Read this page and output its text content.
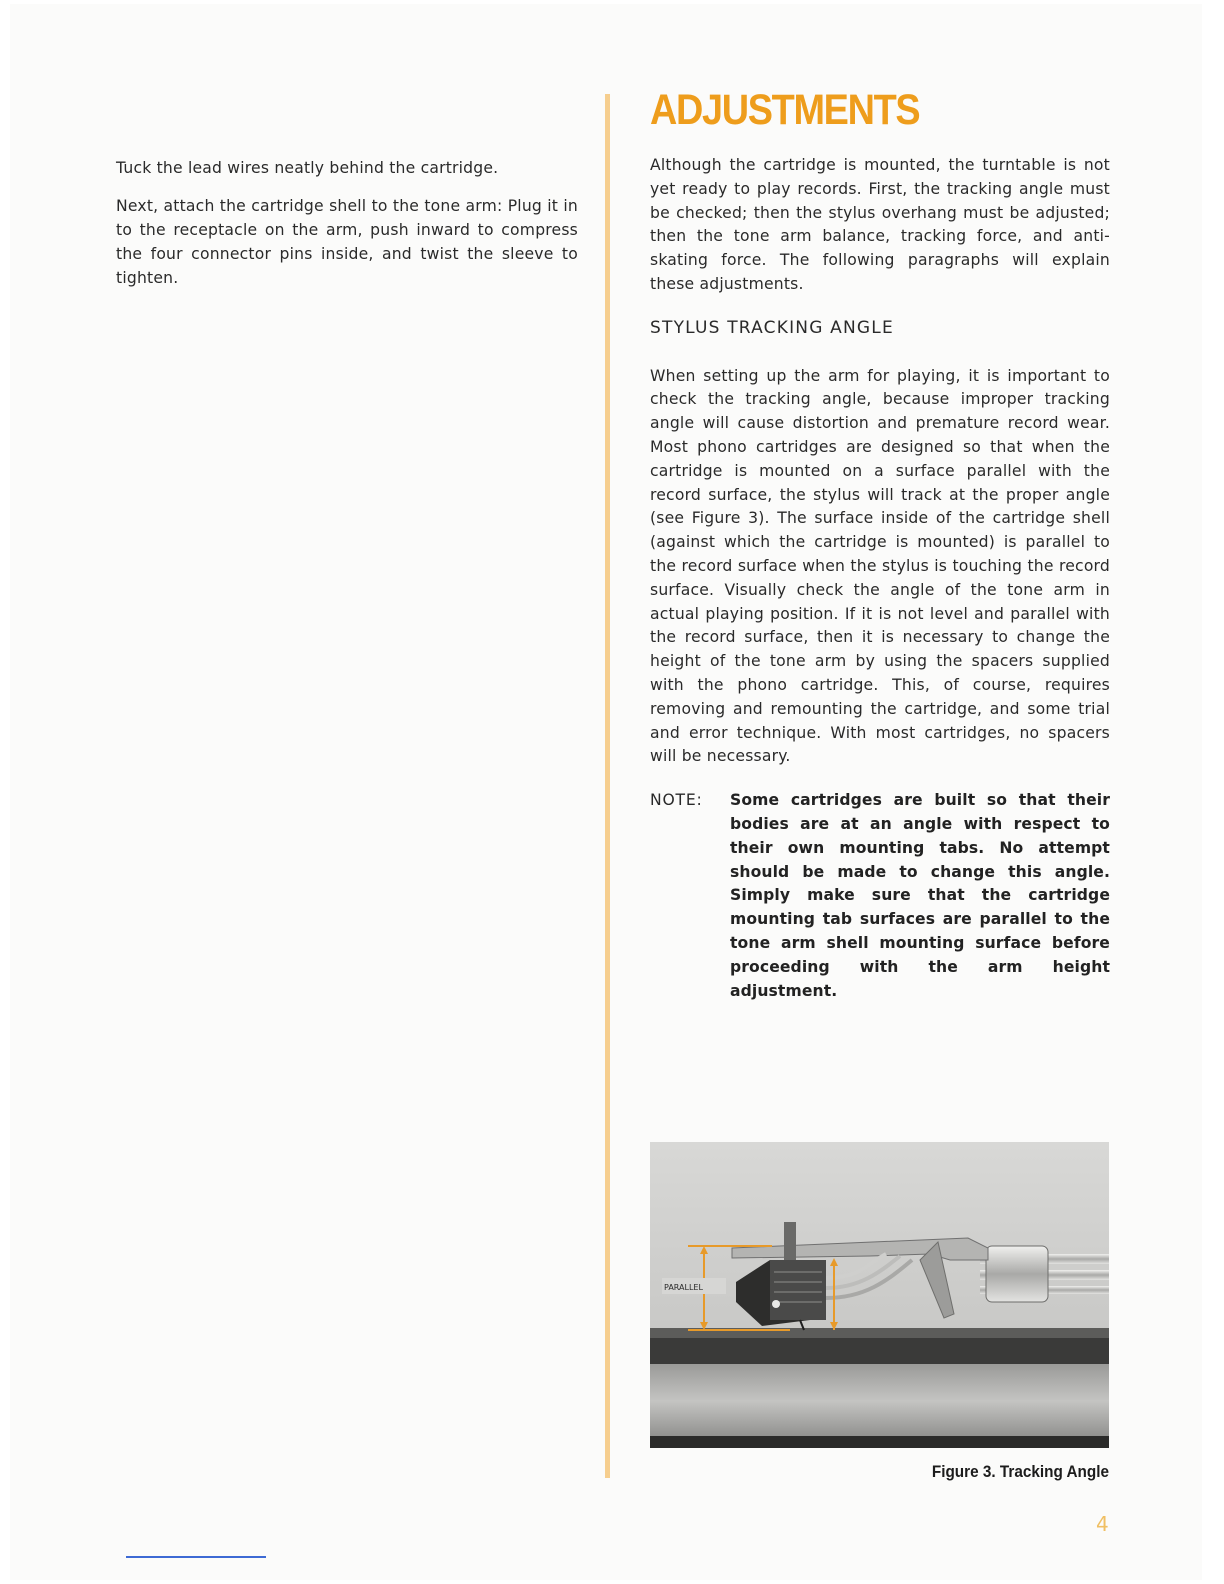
Tuck the lead wires neatly behind the cartridge.

Next, attach the cartridge shell to the tone arm: Plug it in to the receptacle on the arm, push inward to compress the four connector pins inside, and twist the sleeve to tighten.

ADJUSTMENTS

Although the cartridge is mounted, the turntable is not yet ready to play records. First, the tracking angle must be checked; then the stylus overhang must be adjusted; then the tone arm balance, tracking force, and anti-skating force. The following paragraphs will explain these adjustments.

STYLUS TRACKING ANGLE

When setting up the arm for playing, it is important to check the tracking angle, because improper tracking angle will cause distortion and premature record wear. Most phono cartridges are designed so that when the cartridge is mounted on a surface parallel with the record surface, the stylus will track at the proper angle (see Figure 3). The surface inside of the cartridge shell (against which the cartridge is mounted) is parallel to the record surface when the stylus is touching the record surface. Visually check the angle of the tone arm in actual playing position. If it is not level and parallel with the record surface, then it is necessary to change the height of the tone arm by using the spacers supplied with the phono cartridge. This, of course, requires removing and remounting the cartridge, and some trial and error technique. With most cartridges, no spacers will be necessary.

NOTE:	Some cartridges are built so that their bodies are at an angle with respect to their own mounting tabs. No attempt should be made to change this angle. Simply make sure that the cartridge mounting tab surfaces are parallel to the tone arm shell mounting surface before proceeding with the arm height adjustment.
PARALLEL
Figure 3. Tracking Angle
4
